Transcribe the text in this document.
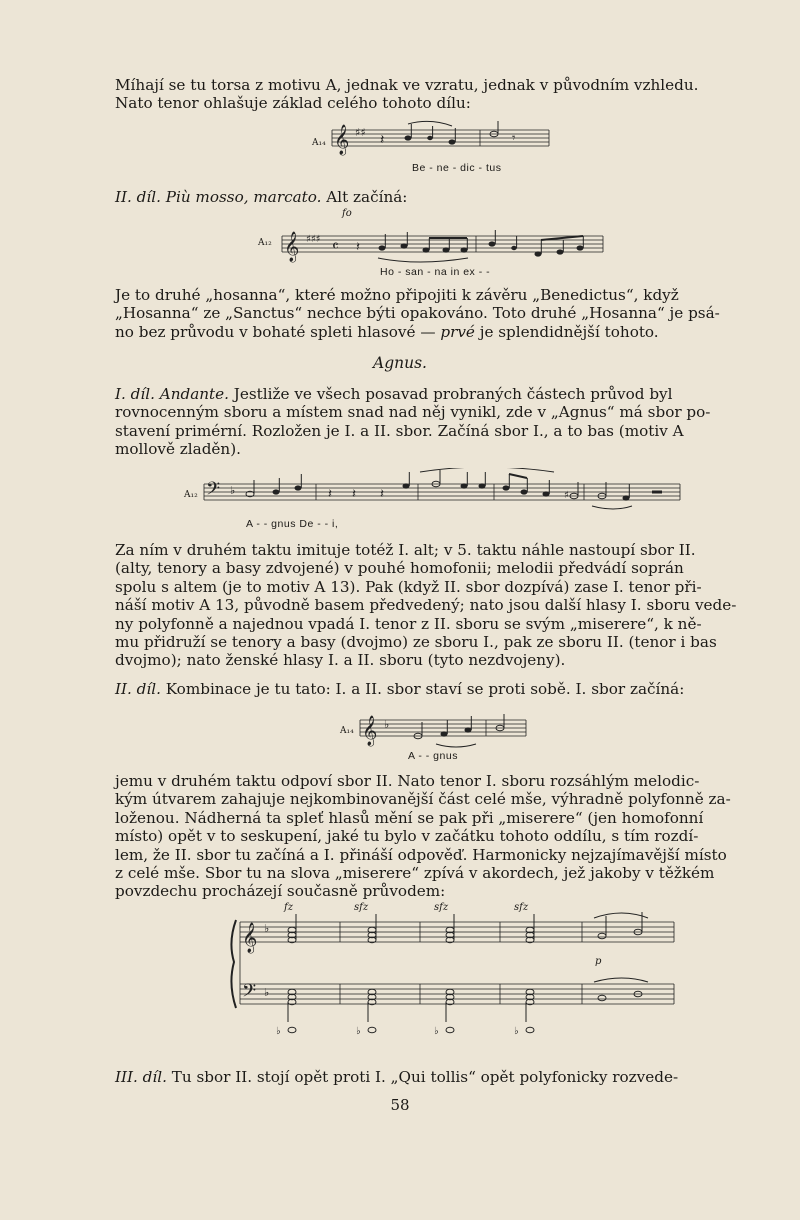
Míhají se tu torsa z motivu A, jednak ve vzratu, jednak v původním vzhledu.
Nato tenor ohlašuje základ celého tohoto dílu:

A₁₄ 𝄞 ♯♯ 𝄽	𝄾
Be - ne - dic - tus

II. díl. Più mosso, marcato. Alt začíná:

fo
A₁₂ 𝄞 ♯♯♯ 𝄴 𝄽
Ho - san - na in ex - -

Je to druhé „hosanna“, které možno připojiti k závěru „Benedictus“, když
„Hosanna“ ze „Sanctus“ nechce býti opakováno. Toto druhé „Hosanna“ je psá-
no bez průvodu v bohaté spleti hlasové — prvé je splendidnější tohoto.

Agnus.

I. díl. Andante. Jestliže ve všech posavad probraných částech průvod byl
rovnocenným sboru a místem snad nad něj vynikl, zde v „Agnus“ má sbor po-
stavení primérní. Rozložen je I. a II. sbor. Začíná sbor I., a to bas (motiv A
mollově zladěn).

A₁₂ 𝄢 ♭	𝄽 𝄽 𝄽	♯
A - - gnus De - - i,

Za ním v druhém taktu imituje totéž I. alt; v 5. taktu náhle nastoupí sbor II.
(alty, tenory a basy zdvojené) v pouhé homofonii; melodii předvádí soprán
spolu s altem (je to motiv A 13). Pak (když II. sbor dozpívá) zase I. tenor při-
náší motiv A 13, původně basem předvedený; nato jsou další hlasy I. sboru vede-
ny polyfonně a najednou vpadá I. tenor z II. sboru se svým „miserere“, k ně-
mu přidruží se tenory a basy (dvojmo) ze sboru I., pak ze sboru II. (tenor i bas
dvojmo); nato ženské hlasy I. a II. sboru (tyto nezdvojeny).

II. díl. Kombinace je tu tato: I. a II. sbor staví se proti sobě. I. sbor začíná:

A₁₄ 𝄞 ♭
A - - gnus

jemu v druhém taktu odpoví sbor II. Nato tenor I. sboru rozsáhlým melodic-
kým útvarem zahajuje nejkombinovanější část celé mše, výhradně polyfonně za-
loženou. Nádherná ta spleť hlasů mění se pak při „miserere“ (jen homofonní
místo) opět v to seskupení, jaké tu bylo v začátku tohoto oddílu, s tím rozdí-
lem, že II. sbor tu začíná a I. přináší odpověď. Harmonicky nejzajímavější místo
z celé mše. Sbor tu na slova „miserere“ zpívá v akordech, jež jakoby v těžkém
povzdechu procházejí současně průvodem:

fz	sfz	sfz	sfz
p
𝄞 ♭
𝄢 ♭
♭	♭	♭	♭

III. díl. Tu sbor II. stojí opět proti I. „Qui tollis“ opět polyfonicky rozvede-

58
